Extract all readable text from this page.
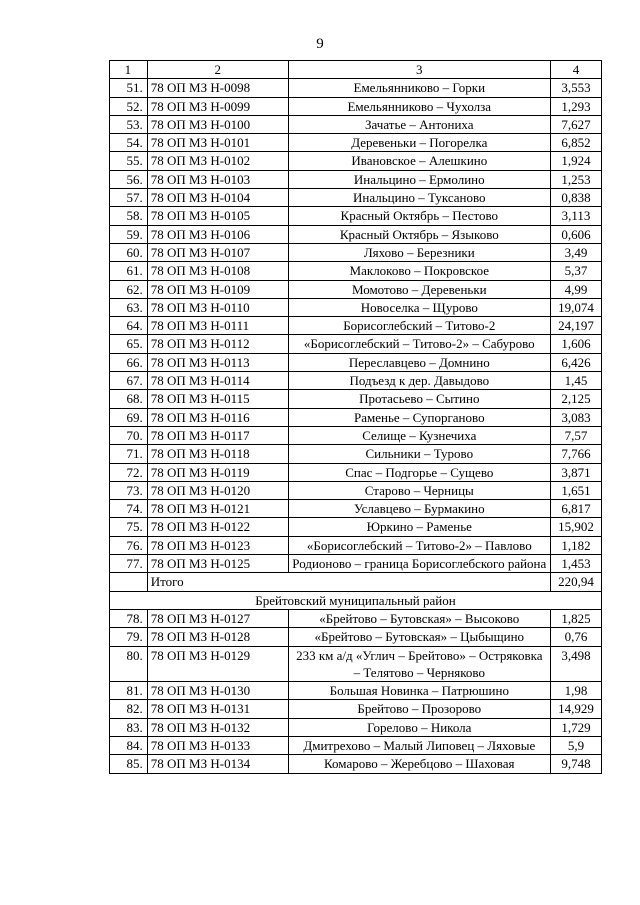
9
1	2	3	4
51.	78 ОП МЗ Н-0098	Емельянниково – Горки	3,553
52.	78 ОП МЗ Н-0099	Емельянниково – Чухолза	1,293
53.	78 ОП МЗ Н-0100	Зачатье – Антониха	7,627
54.	78 ОП МЗ Н-0101	Деревеньки – Погорелка	6,852
55.	78 ОП МЗ Н-0102	Ивановское – Алешкино	1,924
56.	78 ОП МЗ Н-0103	Инальцино – Ермолино	1,253
57.	78 ОП МЗ Н-0104	Инальцино – Туксаново	0,838
58.	78 ОП МЗ Н-0105	Красный Октябрь – Пестово	3,113
59.	78 ОП МЗ Н-0106	Красный Октябрь – Языково	0,606
60.	78 ОП МЗ Н-0107	Ляхово – Березники	3,49
61.	78 ОП МЗ Н-0108	Маклоково – Покровское	5,37
62.	78 ОП МЗ Н-0109	Момотово – Деревеньки	4,99
63.	78 ОП МЗ Н-0110	Новоселка – Щурово	19,074
64.	78 ОП МЗ Н-0111	Борисоглебский – Титово-2	24,197
65.	78 ОП МЗ Н-0112	«Борисоглебский – Титово-2» – Сабурово	1,606
66.	78 ОП МЗ Н-0113	Переславцево – Домнино	6,426
67.	78 ОП МЗ Н-0114	Подъезд к дер. Давыдово	1,45
68.	78 ОП МЗ Н-0115	Протасьево – Сытино	2,125
69.	78 ОП МЗ Н-0116	Раменье – Супорганово	3,083
70.	78 ОП МЗ Н-0117	Селище – Кузнечиха	7,57
71.	78 ОП МЗ Н-0118	Сильники – Турово	7,766
72.	78 ОП МЗ Н-0119	Спас – Подгорье – Сущево	3,871
73.	78 ОП МЗ Н-0120	Старово – Черницы	1,651
74.	78 ОП МЗ Н-0121	Уславцево – Бурмакино	6,817
75.	78 ОП МЗ Н-0122	Юркино – Раменье	15,902
76.	78 ОП МЗ Н-0123	«Борисоглебский – Титово-2» – Павлово	1,182
77.	78 ОП МЗ Н-0125	Родионово – граница Борисоглебского района	1,453
	Итого		220,94
Брейтовский муниципальный район			
78.	78 ОП МЗ Н-0127	«Брейтово – Бутовская» – Высоково	1,825
79.	78 ОП МЗ Н-0128	«Брейтово – Бутовская» – Цыбыщино	0,76
80.	78 ОП МЗ Н-0129	233 км а/д «Углич – Брейтово» – Остряковка – Телятово – Черняково	3,498
81.	78 ОП МЗ Н-0130	Большая Новинка – Патрюшино	1,98
82.	78 ОП МЗ Н-0131	Брейтово – Прозорово	14,929
83.	78 ОП МЗ Н-0132	Горелово – Никола	1,729
84.	78 ОП МЗ Н-0133	Дмитрехово – Малый Липовец – Ляховые	5,9
85.	78 ОП МЗ Н-0134	Комарово – Жеребцово – Шаховая	9,748
